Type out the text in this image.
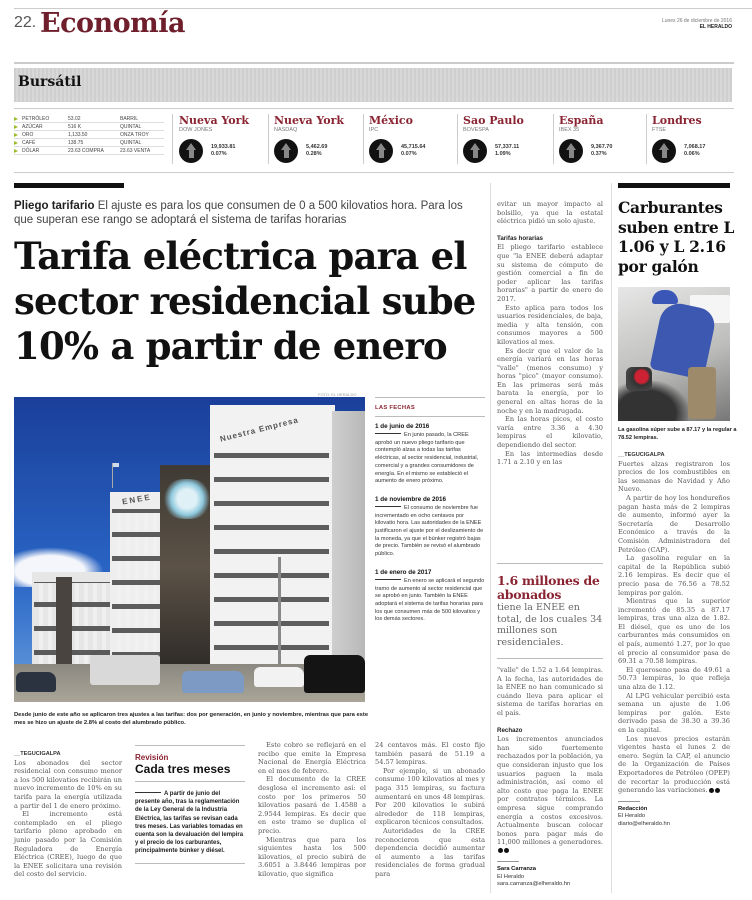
22. Economía	Lunes 26 de diciembre de 2016
EL HERALDO
Bursátil
PETRÓLEO	53.02	BARRIL
AZÚCAR	516 K	QUINTAL
ORO	1,133.50	ONZA TROY
CAFÉ	138.75	QUINTAL
DÓLAR	23.63 COMPRA	23.63 VENTA
Nueva York
DOW JONES
19,933.81
0.07%
Nueva York
NASDAQ
5,462.69
0.28%
México
IPC
45,715.64
0.07%
Sao Paulo
BOVESPA
57,337.11
1.09%
España
IBEX 35
9,367.70
0.37%
Londres
FTSE
7,068.17
0.06%
Pliego tarifario El ajuste es para los que consumen de 0 a 500 kilovatios hora. Para los que superan ese rango se adoptará el sistema de tarifas horarias
Tarifa eléctrica para el sector residencial sube 10% a partir de enero
FOTO: EL HERALDO
Nuestra Empresa
ENEE
Desde junio de este año se aplicaron tres ajustes a las tarifas: dos por generación, en junio y noviembre, mientras que para este mes se hizo un ajuste de 2.8% al costo del alumbrado público.
LAS FECHAS
1 de junio de 2016
En junio pasado, la CREE aprobó un nuevo pliego tarifario que contempló alzas a todas las tarifas eléctricas, al sector residencial, industrial, comercial y a grandes consumidores de energía. En el mismo se estableció el aumento de enero próximo.
1 de noviembre de 2016
El consumo de noviembre fue incrementado en ocho centavos por kilovatio hora. Las autoridades de la ENEE justificaron el ajuste por el deslizamiento de la moneda, ya que el búnker registró bajas de precio. También se revisó el alumbrado público.
1 de enero de 2017
En enero se aplicará el segundo tramo de aumento al sector residencial que se aprobó en junio. También la ENEE adoptará el sistema de tarifas horarias para los que consumen más de 500 kilovatios y los demás sectores.

evitar un mayor impacto al bolsillo, ya que la estatal eléctrica pidió un solo ajuste.

Tarifas horarias

El pliego tarifario establece que "la ENEE deberá adaptar su sistema de cómputo de gestión comercial a fin de poder aplicar las tarifas horarias" a partir de enero de 2017.

Esto aplica para todos los usuarios residenciales, de baja, media y alta tensión, con consumos mayores a 500 kilovatios al mes.

Es decir que el valor de la energía variará en las horas "valle" (menos consumo) y horas "pico" (mayor consumo). En las primeras será más barata la energía, por lo general en altas horas de la noche y en la madrugada.

En las horas picos, el costo varía entre 3.36 a 4.30 lempiras el kilovatio, dependiendo del sector.

En las intermedias desde 1.71 a 2.10 y en las

1.6 millones de abonados
tiene la ENEE en total, de los cuales 34 millones son residenciales.

"valle" de 1.52 a 1.64 lempiras. A la fecha, las autoridades de la ENEE no han comunicado si cuándo lleva para aplicar el sistema de tarifas horarias en el país.

Rechazo

Los incrementos anunciados han sido fuertemente rechazados por la población, ya que consideran injusto que los usuarios paguen la mala administración, así como el alto costo que paga la ENEE por contratos térmicos. La empresa sigue comprando energía a costos excesivos. Actualmente buscan colocar bonos para pagar más de 11,000 millones a generadores.

Sara Carranza
El Heraldo
sara.carranza@elheraldo.hn
__TEGUCIGALPA

Los abonados del sector residencial con consumo menor a los 500 kilovatios recibirán un nuevo incremento de 10% en su tarifa para la energía utilizada a partir del 1 de enero próximo.

El incremento está contemplado en el pliego tarifario pleno aprobado en junio pasado por la Comisión Reguladora de Energía Eléctrica (CREE), luego de que la ENEE solicitara una revisión del costo del servicio.

Revisión
Cada tres meses
A partir de junio del presente año, tras la reglamentación de la Ley General de la Industria Eléctrica, las tarifas se revisan cada tres meses. Las variables tomadas en cuenta son la devaluación del lempira y el precio de los carburantes, principalmente búnker y diésel.

Este cobro se reflejará en el recibo que emite la Empresa Nacional de Energía Eléctrica en el mes de febrero.

El documento de la CREE desglosa el incremento así: el costo por los primeros 50 kilovatios pasará de 1.4588 a 2.9544 lempiras. Es decir que en este tramo se duplica el precio.

Mientras que para los siguientes hasta los 500 kilovatios, el precio subirá de 3.6051 a 3.8446 lempiras por kilovatio, que significa

24 centavos más. El costo fijo también pasará de 51.19 a 54.57 lempiras.

Por ejemplo, si un abonado consume 100 kilovatios al mes y paga 315 lempiras, su factura aumentará en unos 48 lempiras. Por 200 kilovatios le subirá alrededor de 118 lempiras, explicaron técnicos consultados.

Autoridades de la CREE reconocieron que esta dependencia decidió aumentar el aumento a las tarifas residenciales de forma gradual para

Carburantes suben entre L 1.06 y L 2.16 por galón
La gasolina súper sube a 87.17 y la regular a 78.52 lempiras.
__TEGUCIGALPA

Fuertes alzas registraron los precios de los combustibles en las semanas de Navidad y Año Nuevo.

A partir de hoy los hondureños pagan hasta más de 2 lempiras de aumento, informó ayer la Secretaría de Desarrollo Económico a través de la Comisión Administradora del Petróleo (CAP).

La gasolina regular en la capital de la República subió 2.16 lempiras. Es decir que el precio pasa de 76.56 a 78.52 lempiras por galón.

Mientras que la superior incrementó de 85.35 a 87.17 lempiras, tras una alza de 1.82. El diésel, que es uno de los carburantes más consumidos en el país, aumentó 1.27, por lo que el precio al consumidor pasa de 69.31 a 70.58 lempiras.

El queroseno pasa de 49.61 a 50.73 lempiras, lo que refleja una alza de 1.12.

Al LPG vehicular percibió esta semana un ajuste de 1.06 lempiras por galón. Este derivado pasa de 38.30 a 39.36 en la capital.

Los nuevos precios estarán vigentes hasta el lunes 2 de enero. Según la CAP, el anuncio de la Organización de Países Exportadores de Petróleo (OPEP) de recortar la producción está generando las variaciones.

Redacción
El Heraldo
diario@elheraldo.hn
